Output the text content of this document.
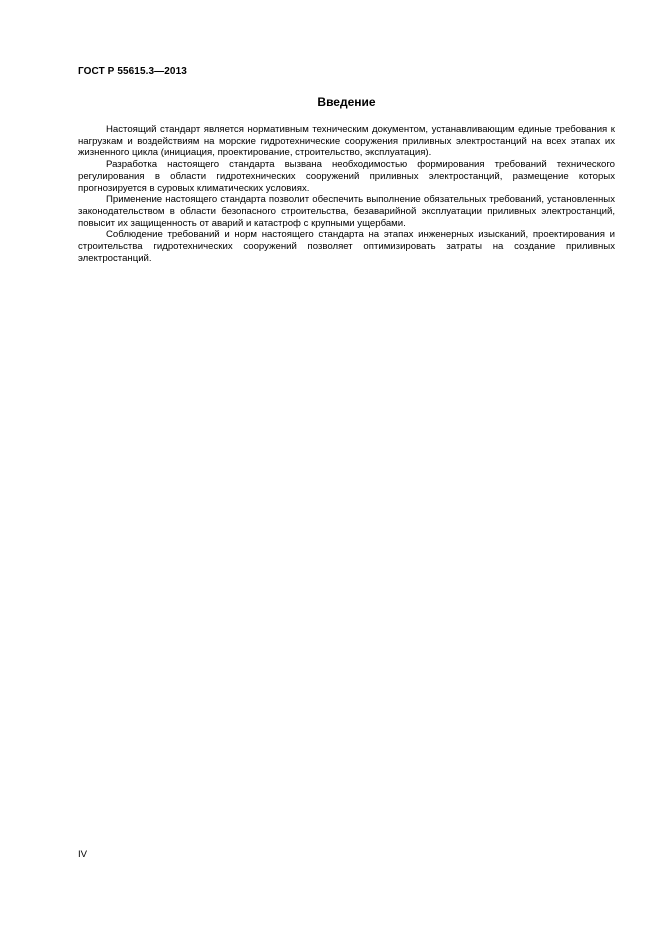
ГОСТ Р 55615.3—2013
Введение

Настоящий стандарт является нормативным техническим документом, устанавливающим единые требования к нагрузкам и воздействиям на морские гидротехнические сооружения приливных электростанций на всех этапах их жизненного цикла (инициация, проектирование, строительство, эксплуатация).

Разработка настоящего стандарта вызвана необходимостью формирования требований технического регулирования в области гидротехнических сооружений приливных электростанций, размещение которых прогнозируется в суровых климатических условиях.

Применение настоящего стандарта позволит обеспечить выполнение обязательных требований, установленных законодательством в области безопасного строительства, безаварийной эксплуатации приливных электростанций, повысит их защищенность от аварий и катастроф с крупными ущербами.

Соблюдение требований и норм настоящего стандарта на этапах инженерных изысканий, проектирования и строительства гидротехнических сооружений позволяет оптимизировать затраты на создание приливных электростанций.

IV
